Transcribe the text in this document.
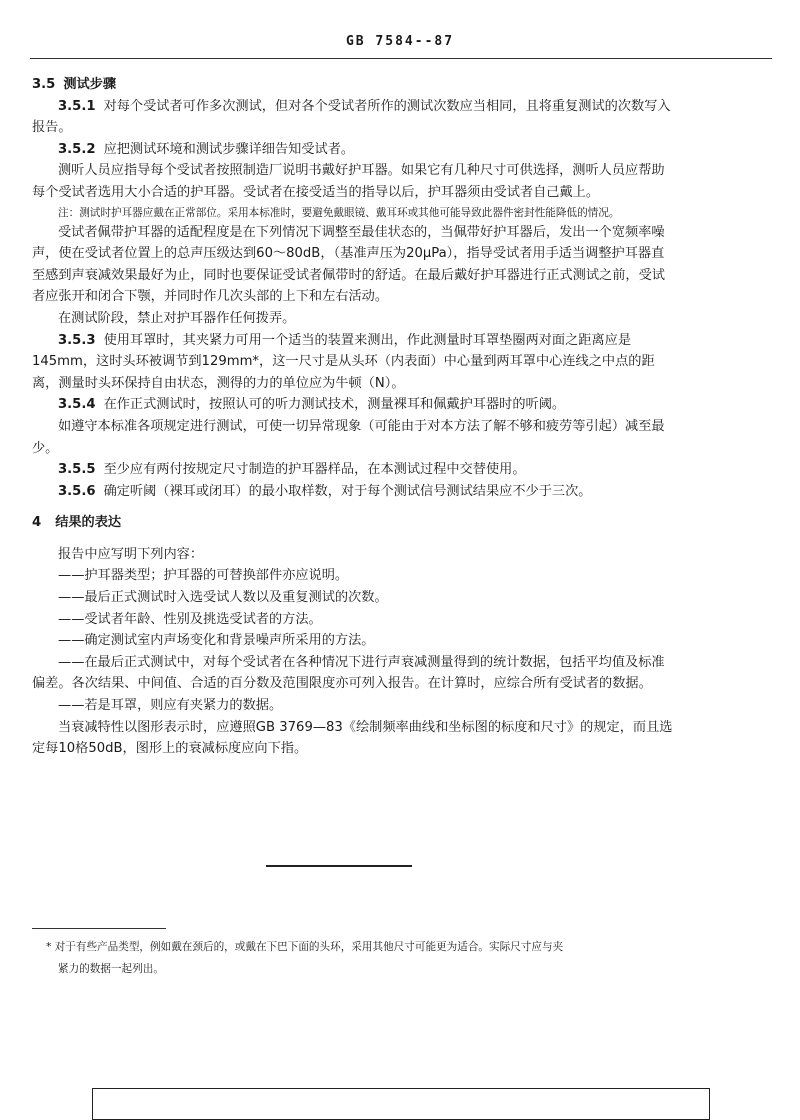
GB 7584--87

3.5 测试步骤

3.5.1 对每个受试者可作多次测试，但对各个受试者所作的测试次数应当相同，且将重复测试的次数写入报告。

3.5.2 应把测试环境和测试步骤详细告知受试者。

测听人员应指导每个受试者按照制造厂说明书戴好护耳器。如果它有几种尺寸可供选择，测听人员应帮助每个受试者选用大小合适的护耳器。受试者在接受适当的指导以后，护耳器须由受试者自己戴上。

注：测试时护耳器应戴在正常部位。采用本标准时，要避免戴眼镜、戴耳环或其他可能导致此器件密封性能降低的情况。

受试者佩带护耳器的适配程度是在下列情况下调整至最佳状态的，当佩带好护耳器后，发出一个宽频率噪声，使在受试者位置上的总声压级达到60～80dB，（基准声压为20μPa），指导受试者用手适当调整护耳器直至感到声衰减效果最好为止，同时也要保证受试者佩带时的舒适。在最后戴好护耳器进行正式测试之前，受试者应张开和闭合下颚，并同时作几次头部的上下和左右活动。

在测试阶段，禁止对护耳器作任何拨弄。

3.5.3 使用耳罩时，其夹紧力可用一个适当的装置来测出，作此测量时耳罩垫圈两对面之距离应是145mm，这时头环被调节到129mm*，这一尺寸是从头环（内表面）中心量到两耳罩中心连线之中点的距离，测量时头环保持自由状态，测得的力的单位应为牛顿（N）。

3.5.4 在作正式测试时，按照认可的听力测试技术，测量裸耳和佩戴护耳器时的听阈。

如遵守本标准各项规定进行测试，可使一切异常现象（可能由于对本方法了解不够和疲劳等引起）减至最少。

3.5.5 至少应有两付按规定尺寸制造的护耳器样品，在本测试过程中交替使用。

3.5.6 确定听阈（裸耳或闭耳）的最小取样数，对于每个测试信号测试结果应不少于三次。

4 结果的表达

报告中应写明下列内容：

——护耳器类型；护耳器的可替换部件亦应说明。

——最后正式测试时入选受试人数以及重复测试的次数。

——受试者年龄、性别及挑选受试者的方法。

——确定测试室内声场变化和背景噪声所采用的方法。

——在最后正式测试中，对每个受试者在各种情况下进行声衰减测量得到的统计数据，包括平均值及标准偏差。各次结果、中间值、合适的百分数及范围限度亦可列入报告。在计算时，应综合所有受试者的数据。

——若是耳罩，则应有夹紧力的数据。

当衰减特性以图形表示时，应遵照GB 3769—83《绘制频率曲线和坐标图的标度和尺寸》的规定，而且选定每10格50dB，图形上的衰减标度应向下指。

* 对于有些产品类型，例如戴在颈后的，或戴在下巴下面的头环，采用其他尺寸可能更为适合。实际尺寸应与夹

紧力的数据一起列出。
